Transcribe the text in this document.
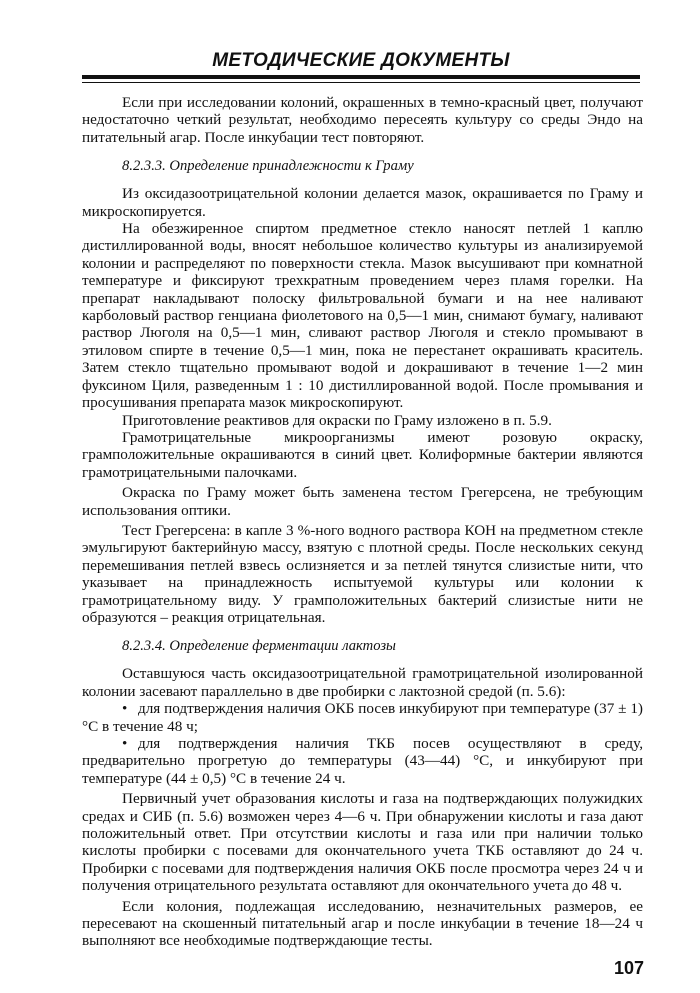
МЕТОДИЧЕСКИЕ ДОКУМЕНТЫ

Если при исследовании колоний, окрашенных в темно-красный цвет, получают недостаточно четкий результат, необходимо пересеять культуру со среды Эндо на питательный агар. После инкубации тест повторяют.

8.2.3.3. Определение принадлежности к Граму

Из оксидазоотрицательной колонии делается мазок, окрашивается по Граму и микроскопируется.

На обезжиренное спиртом предметное стекло наносят петлей 1 каплю дистиллированной воды, вносят небольшое количество культуры из анализируемой колонии и распределяют по поверхности стекла. Мазок высушивают при комнатной температуре и фиксируют трехкратным проведением через пламя горелки. На препарат накладывают полоску фильтровальной бумаги и на нее наливают карболовый раствор генциана фиолетового на 0,5—1 мин, снимают бумагу, наливают раствор Люголя на 0,5—1 мин, сливают раствор Люголя и стекло промывают в этиловом спирте в течение 0,5—1 мин, пока не перестанет окрашивать краситель. Затем стекло тщательно промывают водой и докрашивают в течение 1—2 мин фуксином Циля, разведенным 1 : 10 дистиллированной водой. После промывания и просушивания препарата мазок микроскопируют.

Приготовление реактивов для окраски по Граму изложено в п. 5.9.

Грамотрицательные микроорганизмы имеют розовую окраску, грамположительные окрашиваются в синий цвет. Колиформные бактерии являются грамотрицательными палочками.

Окраска по Граму может быть заменена тестом Грегерсена, не требующим использования оптики.

Тест Грегерсена: в капле 3 %-ного водного раствора КОН на предметном стекле эмульгируют бактерийную массу, взятую с плотной среды. После нескольких секунд перемешивания петлей взвесь ослизняется и за петлей тянутся слизистые нити, что указывает на принадлежность испытуемой культуры или колонии к грамотрицательному виду. У грамположительных бактерий слизистые нити не образуются – реакция отрицательная.

8.2.3.4. Определение ферментации лактозы

Оставшуюся часть оксидазоотрицательной грамотрицательной изолированной колонии засевают параллельно в две пробирки с лактозной средой (п. 5.6):

• для подтверждения наличия ОКБ посев инкубируют при температуре (37 ± 1) °С в течение 48 ч;
• для подтверждения наличия ТКБ посев осуществляют в среду, предварительно прогретую до температуры (43—44) °С, и инкубируют при температуре (44 ± 0,5) °С в течение 24 ч.

Первичный учет образования кислоты и газа на подтверждающих полужидких средах и СИБ (п. 5.6) возможен через 4—6 ч. При обнаружении кислоты и газа дают положительный ответ. При отсутствии кислоты и газа или при наличии только кислоты пробирки с посевами для окончательного учета ТКБ оставляют до 24 ч. Пробирки с посевами для подтверждения наличия ОКБ после просмотра через 24 ч и получения отрицательного результата оставляют для окончательного учета до 48 ч.

Если колония, подлежащая исследованию, незначительных размеров, ее пересевают на скошенный питательный агар и после инкубации в течение 18—24 ч выполняют все необходимые подтверждающие тесты.

107
